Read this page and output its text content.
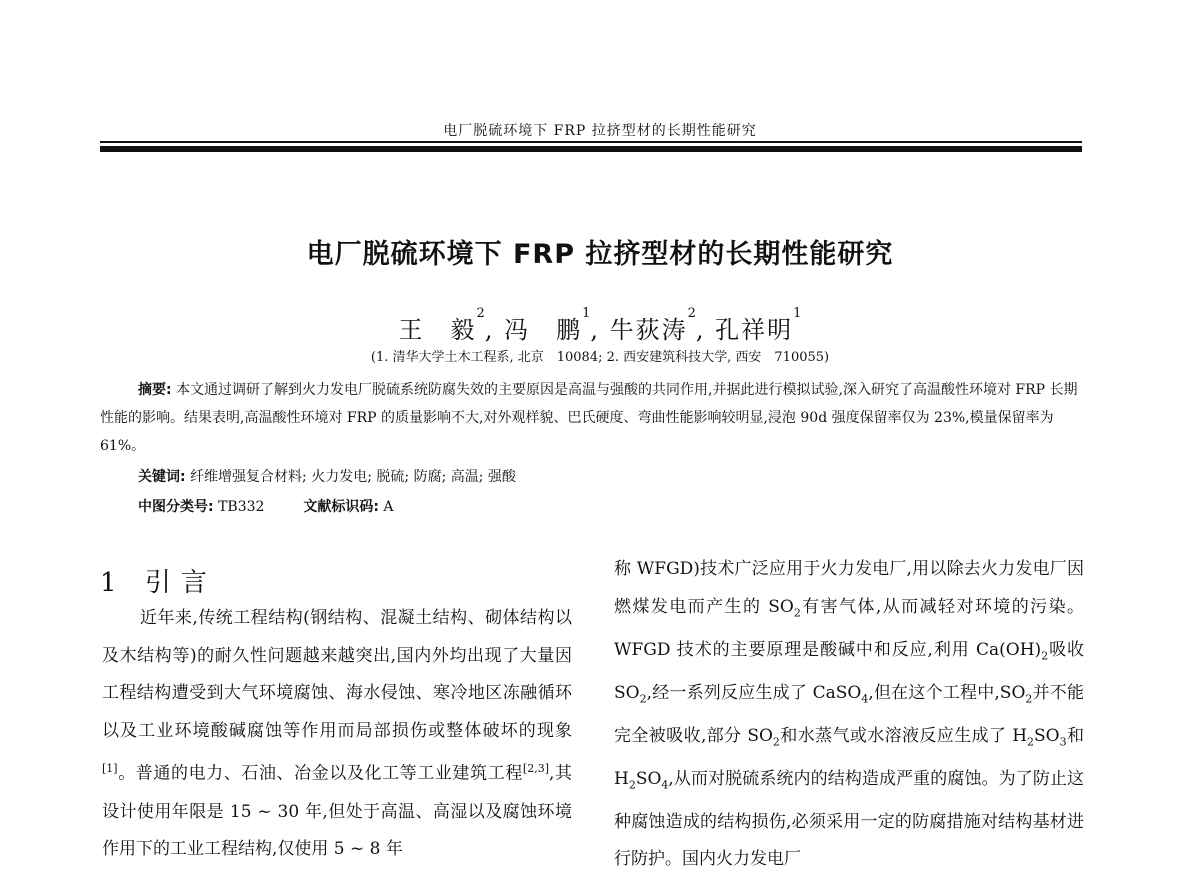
电厂脱硫环境下 FRP 拉挤型材的长期性能研究
电厂脱硫环境下 FRP 拉挤型材的长期性能研究
王　毅$^2$, 冯　鹏$^1$, 牛荻涛$^2$, 孔祥明$^1$
(1. 清华大学土木工程系, 北京　10084; 2. 西安建筑科技大学, 西安　710055)

摘要: 本文通过调研了解到火力发电厂脱硫系统防腐失效的主要原因是高温与强酸的共同作用,并据此进行模拟试验,深入研究了高温酸性环境对 FRP 长期性能的影响。结果表明,高温酸性环境对 FRP 的质量影响不大,对外观样貌、巴氏硬度、弯曲性能影响较明显,浸泡 90d 强度保留率仅为 23%,模量保留率为 61%。

关键词: 纤维增强复合材料; 火力发电; 脱硫; 防腐; 高温; 强酸
中图分类号: TB332	文献标识码: A
1 引言

近年来,传统工程结构(钢结构、混凝土结构、砌体结构以及木结构等)的耐久性问题越来越突出,国内外均出现了大量因工程结构遭受到大气环境腐蚀、海水侵蚀、寒冷地区冻融循环以及工业环境酸碱腐蚀等作用而局部损伤或整体破坏的现象[1]。普通的电力、石油、冶金以及化工等工业建筑工程[2,3],其设计使用年限是 15 ~ 30 年,但处于高温、高湿以及腐蚀环境作用下的工业工程结构,仅使用 5 ~ 8 年

称 WFGD)技术广泛应用于火力发电厂,用以除去火力发电厂因燃煤发电而产生的 $SO_2$有害气体,从而减轻对环境的污染。WFGD 技术的主要原理是酸碱中和反应,利用 $Ca(OH)_2$吸收 $SO_2$,经一系列反应生成了 CaSO$_4$,但在这个工程中$,SO_2$并不能完全被吸收,部分 $SO_2$和水蒸气或水溶液反应生成了 $H_2SO_3$和 $H_2SO_4$,从而对脱硫系统内的结构造成严重的腐蚀。为了防止这种腐蚀造成的结构损伤,必须采用一定的防腐措施对结构基材进行防护。国内火力发电厂
